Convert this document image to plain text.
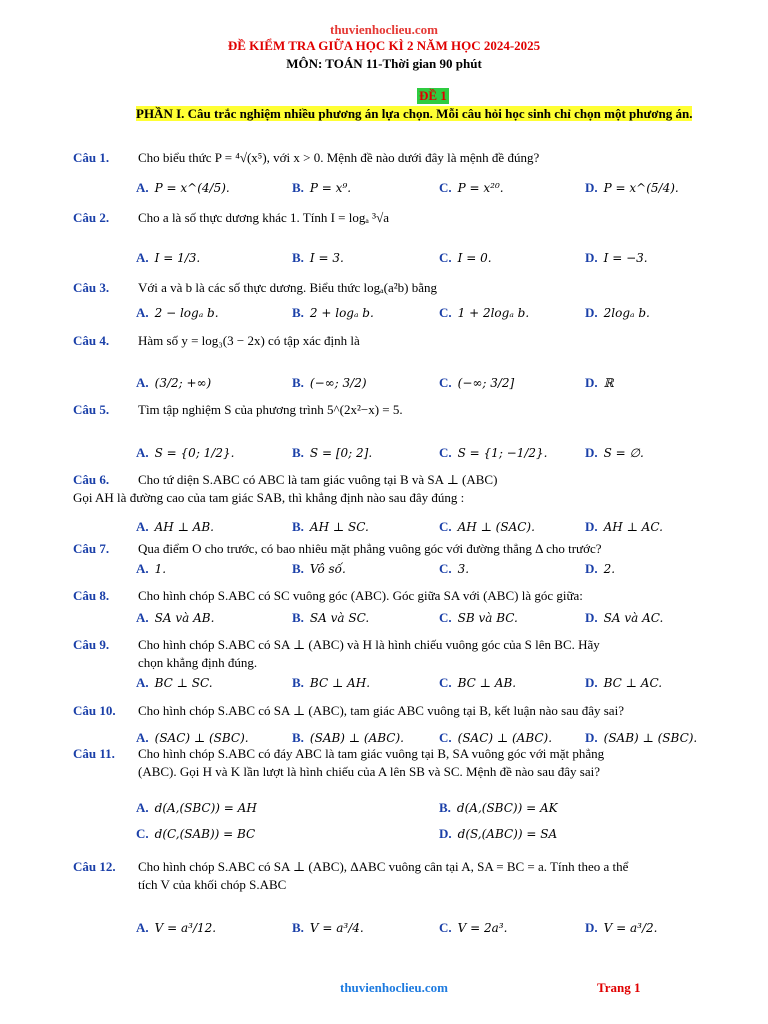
thuvienhoclieu.com
ĐỀ KIỂM TRA GIỮA HỌC KÌ 2 NĂM HỌC 2024-2025
MÔN: TOÁN 11-Thời gian 90 phút
ĐỀ 1
PHẦN I. Câu trắc nghiệm nhiều phương án lựa chọn. Mỗi câu hỏi học sinh chỉ chọn một phương án.
Câu 1. Cho biểu thức P = ⁴√(x⁵), với x > 0. Mệnh đề nào dưới đây là mệnh đề đúng?
A. P = x^(4/5).	B. P = x⁹.	C. P = x²⁰.	D. P = x^(5/4).
Câu 2. Cho a là số thực dương khác 1. Tính I = logₐ ³√a
A. I = 1/3.	B. I = 3.	C. I = 0.	D. I = −3.
Câu 3. Với a và b là các số thực dương. Biểu thức logₐ(a²b) bằng
A. 2 − logₐ b.	B. 2 + logₐ b.	C. 1 + 2logₐ b.	D. 2logₐ b.
Câu 4. Hàm số y = log₃(3 − 2x) có tập xác định là
A. (3/2; +∞)	B. (−∞; 3/2)	C. (−∞; 3/2]	D. ℝ
Câu 5. Tìm tập nghiệm S của phương trình 5^(2x²−x) = 5.
A. S = {0; 1/2}.	B. S = [0; 2].	C. S = {1; −1/2}.	D. S = ∅.
Câu 6. Cho tứ diện S.ABC có ABC là tam giác vuông tại B và SA ⊥ (ABC)
Gọi AH là đường cao của tam giác SAB, thì khẳng định nào sau đây đúng :
A. AH ⊥ AB.	B. AH ⊥ SC.	C. AH ⊥ (SAC).	D. AH ⊥ AC.
Câu 7. Qua điểm O cho trước, có bao nhiêu mặt phẳng vuông góc với đường thẳng Δ cho trước?
A. 1.	B. Vô số.	C. 3.	D. 2.
Câu 8. Cho hình chóp S.ABC có SC vuông góc (ABC). Góc giữa SA với (ABC) là góc giữa:
A. SA và AB.	B. SA và SC.	C. SB và BC.	D. SA và AC.
Câu 9. Cho hình chóp S.ABC có SA ⊥ (ABC) và H là hình chiếu vuông góc của S lên BC. Hãy
chọn khẳng định đúng.
A. BC ⊥ SC.	B. BC ⊥ AH.	C. BC ⊥ AB.	D. BC ⊥ AC.
Câu 10. Cho hình chóp S.ABC có SA ⊥ (ABC), tam giác ABC vuông tại B, kết luận nào sau đây sai?
A. (SAC) ⊥ (SBC).	B. (SAB) ⊥ (ABC).	C. (SAC) ⊥ (ABC).	D. (SAB) ⊥ (SBC).
Câu 11. Cho hình chóp S.ABC có đáy ABC là tam giác vuông tại B, SA vuông góc với mặt phẳng
(ABC). Gọi H và K lần lượt là hình chiếu của A lên SB và SC. Mệnh đề nào sau đây sai?
A. d(A,(SBC)) = AH	B. d(A,(SBC)) = AK
C. d(C,(SAB)) = BC	D. d(S,(ABC)) = SA
Câu 12. Cho hình chóp S.ABC có SA ⊥ (ABC), ΔABC vuông cân tại A, SA = BC = a. Tính theo a thể
tích V của khối chóp S.ABC
A. V = a³/12.	B. V = a³/4.	C. V = 2a³.	D. V = a³/2.
thuvienhoclieu.com	Trang 1
